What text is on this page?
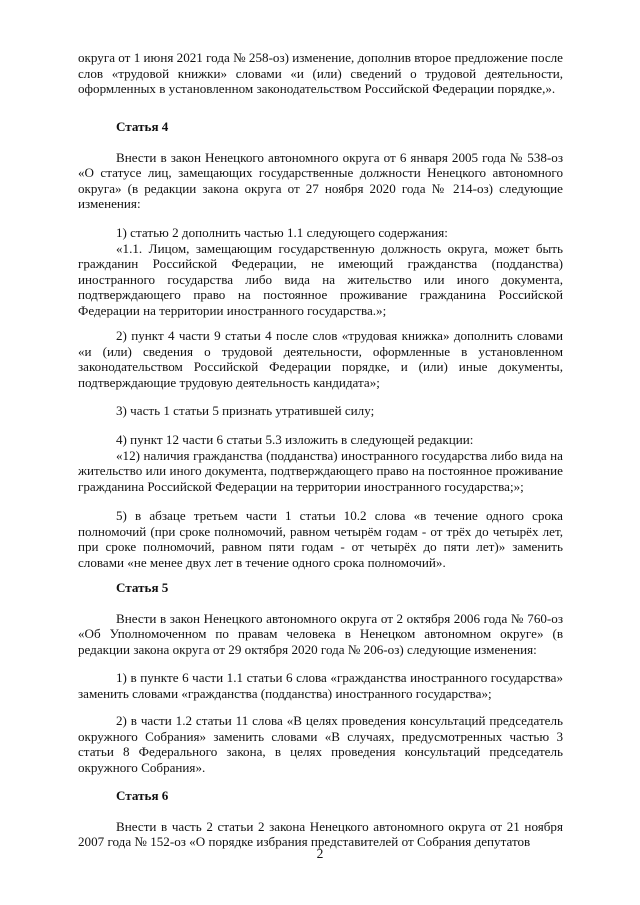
округа от 1 июня 2021 года № 258-оз) изменение, дополнив второе предложение после слов «трудовой книжки» словами «и (или) сведений о трудовой деятельности, оформленных в установленном законодательством Российской Федерации порядке,».

Статья 4

Внести в закон Ненецкого автономного округа от 6 января 2005 года № 538-оз «О статусе лиц, замещающих государственные должности Ненецкого автономного округа» (в редакции закона округа от 27 ноября 2020 года № 214-оз) следующие изменения:

1) статью 2 дополнить частью 1.1 следующего содержания:

«1.1. Лицом, замещающим государственную должность округа, может быть гражданин Российской Федерации, не имеющий гражданства (подданства) иностранного государства либо вида на жительство или иного документа, подтверждающего право на постоянное проживание гражданина Российской Федерации на территории иностранного государства.»;

2) пункт 4 части 9 статьи 4 после слов «трудовая книжка» дополнить словами «и (или) сведения о трудовой деятельности, оформленные в установленном законодательством Российской Федерации порядке, и (или) иные документы, подтверждающие трудовую деятельность кандидата»;

3) часть 1 статьи 5 признать утратившей силу;

4) пункт 12 части 6 статьи 5.3 изложить в следующей редакции:

«12) наличия гражданства (подданства) иностранного государства либо вида на жительство или иного документа, подтверждающего право на постоянное проживание гражданина Российской Федерации на территории иностранного государства;»;

5) в абзаце третьем части 1 статьи 10.2 слова «в течение одного срока полномочий (при сроке полномочий, равном четырём годам - от трёх до четырёх лет, при сроке полномочий, равном пяти годам - от четырёх до пяти лет)» заменить словами «не менее двух лет в течение одного срока полномочий».

Статья 5

Внести в закон Ненецкого автономного округа от 2 октября 2006 года № 760-оз «Об Уполномоченном по правам человека в Ненецком автономном округе» (в редакции закона округа от 29 октября 2020 года № 206-оз) следующие изменения:

1) в пункте 6 части 1.1 статьи 6 слова «гражданства иностранного государства» заменить словами «гражданства (подданства) иностранного государства»;

2) в части 1.2 статьи 11 слова «В целях проведения консультаций председатель окружного Собрания» заменить словами «В случаях, предусмотренных частью 3 статьи 8 Федерального закона, в целях проведения консультаций председатель окружного Собрания».

Статья 6

Внести в часть 2 статьи 2 закона Ненецкого автономного округа от 21 ноября 2007 года № 152-оз «О порядке избрания представителей от Собрания депутатов

2
